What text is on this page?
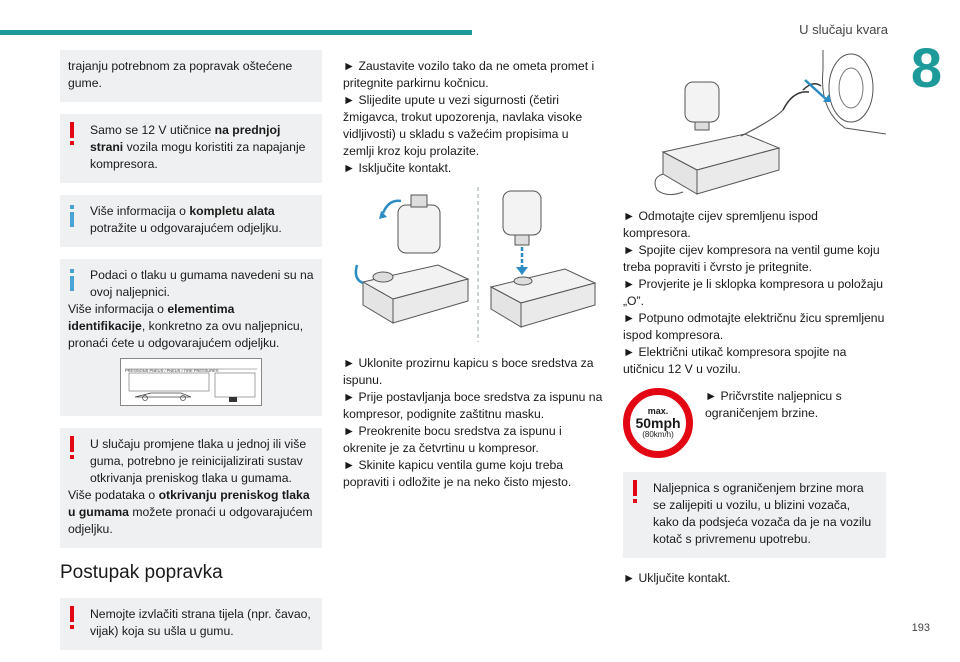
U slučaju kvara
8
193

trajanju potrebnom za popravak oštećene gume.

Samo se 12 V utičnice na prednjoj strani vozila mogu koristiti za napajanje kompresora.

Više informacija o kompletu alata potražite u odgovarajućem odjeljku.

Podaci o tlaku u gumama navedeni su na ovoj naljepnici.

Više informacija o elementima identifikacije, konkretno za ovu naljepnicu, pronaći ćete u odgovarajućem odjeljku.

PRESSIONS PNEUS / PNEUS / TIRE PRESSURES

U slučaju promjene tlaka u jednoj ili više guma, potrebno je reinicijalizirati sustav otkrivanja preniskog tlaka u gumama.

Više podataka o otkrivanju preniskog tlaka u gumama možete pronaći u odgovarajućem odjeljku.

Postupak popravka

Nemojte izvlačiti strana tijela (npr. čavao, vijak) koja su ušla u gumu.

► Zaustavite vozilo tako da ne ometa promet i pritegnite parkirnu kočnicu.

► Slijedite upute u vezi sigurnosti (četiri žmigavca, trokut upozorenja, navlaka visoke vidljivosti) u skladu s važećim propisima u zemlji kroz koju prolazite.

► Isključite kontakt.

► Uklonite prozirnu kapicu s boce sredstva za ispunu.

► Prije postavljanja boce sredstva za ispunu na kompresor, podignite zaštitnu masku.

► Preokrenite bocu sredstva za ispunu i okrenite je za četvrtinu u kompresor.

► Skinite kapicu ventila gume koju treba popraviti i odložite je na neko čisto mjesto.

► Odmotajte cijev spremljenu ispod kompresora.

► Spojite cijev kompresora na ventil gume koju treba popraviti i čvrsto je pritegnite.

► Provjerite je li sklopka kompresora u položaju „O”.

► Potpuno odmotajte električnu žicu spremljenu ispod kompresora.

► Električni utikač kompresora spojite na utičnicu 12 V u vozilu.

max.
50mph
(80km/h)

► Pričvrstite naljepnicu s ograničenjem brzine.

Naljepnica s ograničenjem brzine mora se zalijepiti u vozilu, u blizini vozača, kako da podsjeća vozača da je na vozilu kotač s privremenu upotrebu.

► Uključite kontakt.
